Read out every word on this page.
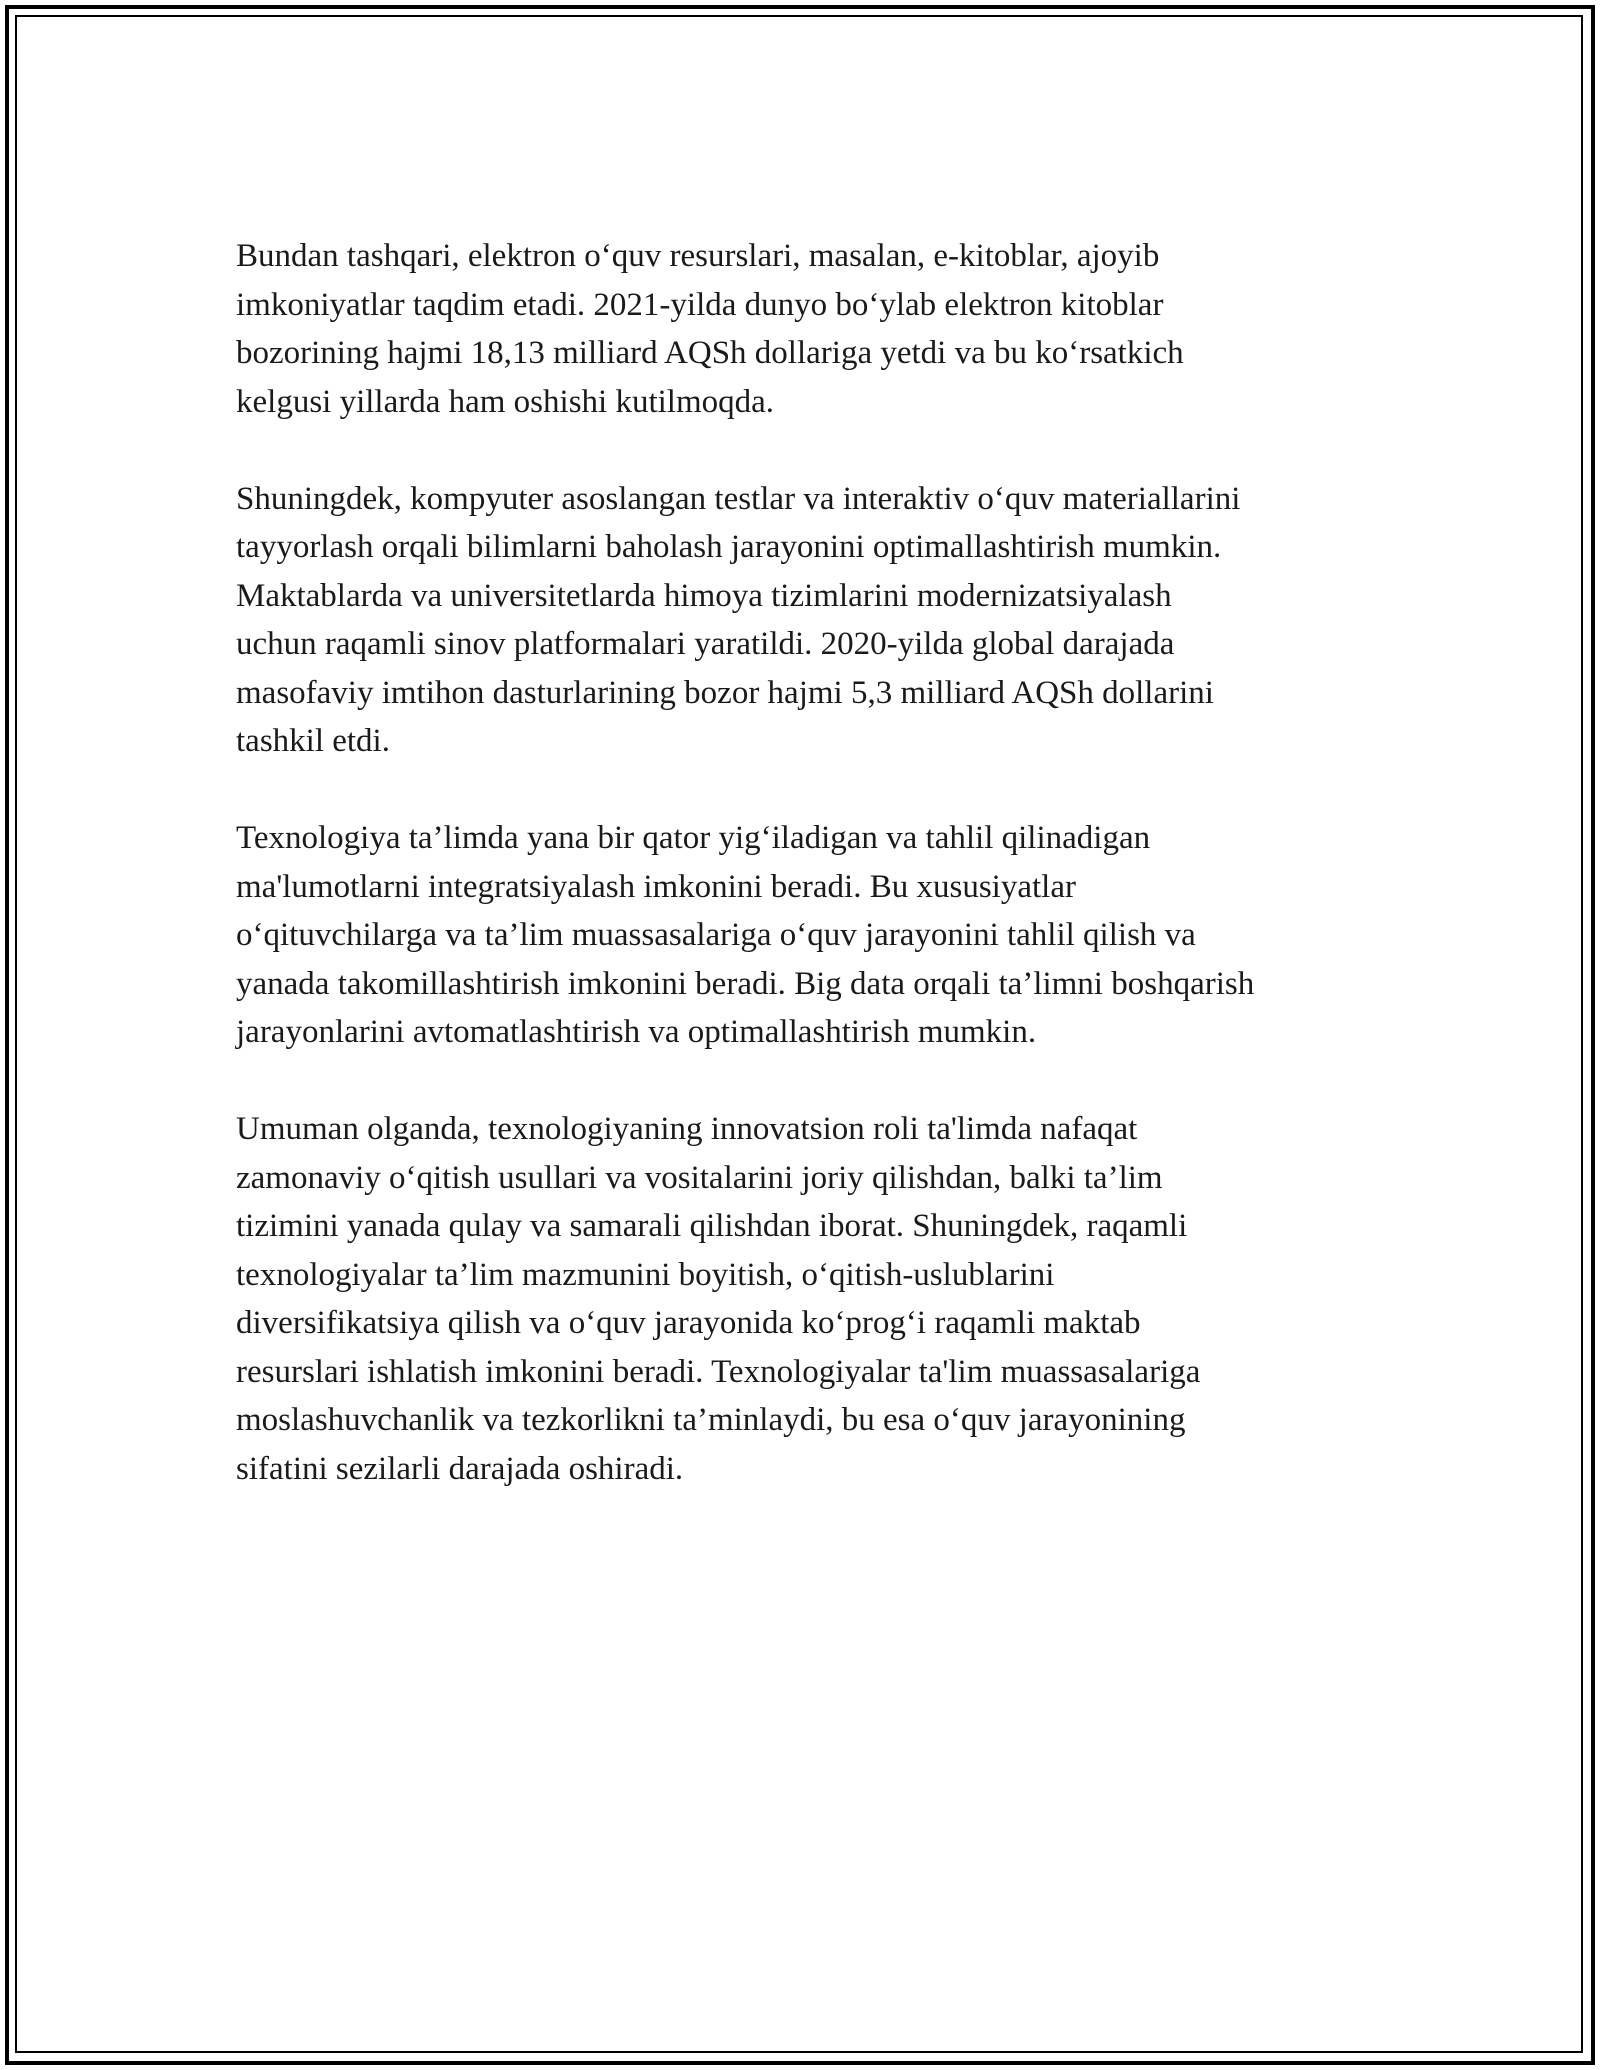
Bundan tashqari, elektron o‘quv resurslari, masalan, e-kitoblar, ajoyib
imkoniyatlar taqdim etadi. 2021-yilda dunyo bo‘ylab elektron kitoblar
bozorining hajmi 18,13 milliard AQSh dollariga yetdi va bu ko‘rsatkich
kelgusi yillarda ham oshishi kutilmoqda.

Shuningdek, kompyuter asoslangan testlar va interaktiv o‘quv materiallarini
tayyorlash orqali bilimlarni baholash jarayonini optimallashtirish mumkin.
Maktablarda va universitetlarda himoya tizimlarini modernizatsiyalash
uchun raqamli sinov platformalari yaratildi. 2020-yilda global darajada
masofaviy imtihon dasturlarining bozor hajmi 5,3 milliard AQSh dollarini
tashkil etdi.

Texnologiya ta’limda yana bir qator yig‘iladigan va tahlil qilinadigan
ma'lumotlarni integratsiyalash imkonini beradi. Bu xususiyatlar
o‘qituvchilarga va ta’lim muassasalariga o‘quv jarayonini tahlil qilish va
yanada takomillashtirish imkonini beradi. Big data orqali ta’limni boshqarish
jarayonlarini avtomatlashtirish va optimallashtirish mumkin.

Umuman olganda, texnologiyaning innovatsion roli ta'limda nafaqat
zamonaviy o‘qitish usullari va vositalarini joriy qilishdan, balki ta’lim
tizimini yanada qulay va samarali qilishdan iborat. Shuningdek, raqamli
texnologiyalar ta’lim mazmunini boyitish, o‘qitish-uslublarini
diversifikatsiya qilish va o‘quv jarayonida ko‘prog‘i raqamli maktab
resurslari ishlatish imkonini beradi. Texnologiyalar ta'lim muassasalariga
moslashuvchanlik va tezkorlikni ta’minlaydi, bu esa o‘quv jarayonining
sifatini sezilarli darajada oshiradi.
